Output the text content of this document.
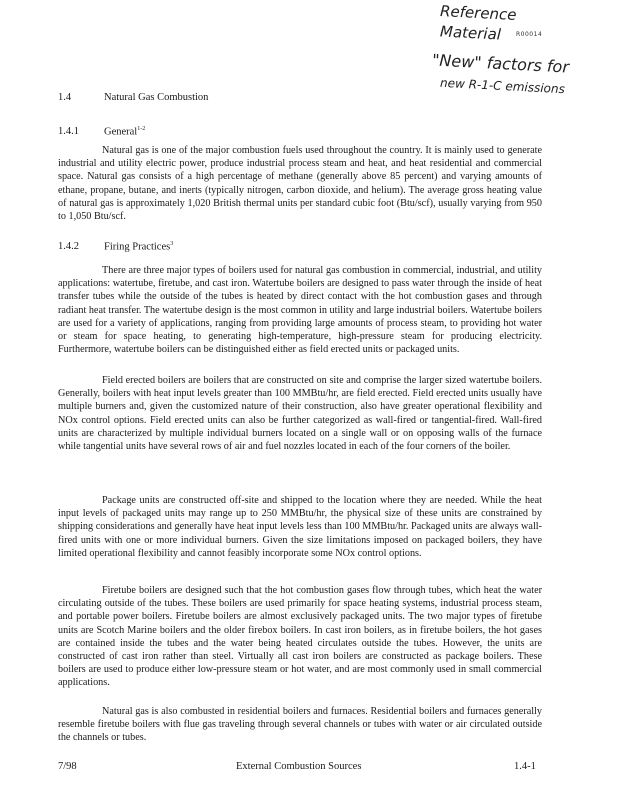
Reference
Material R00014
"New" factors for
new R-1-C emissions
1.4	Natural Gas Combustion
1.4.1 General$^{1-2}$
Natural gas is one of the major combustion fuels used throughout the country. It is mainly used to generate industrial and utility electric power, produce industrial process steam and heat, and heat residential and commercial space. Natural gas consists of a high percentage of methane (generally above 85 percent) and varying amounts of ethane, propane, butane, and inerts (typically nitrogen, carbon dioxide, and helium). The average gross heating value of natural gas is approximately 1,020 British thermal units per standard cubic foot (Btu/scf), usually varying from 950 to 1,050 Btu/scf.
1.4.2 Firing Practices$^3$
There are three major types of boilers used for natural gas combustion in commercial, industrial, and utility applications: watertube, firetube, and cast iron. Watertube boilers are designed to pass water through the inside of heat transfer tubes while the outside of the tubes is heated by direct contact with the hot combustion gases and through radiant heat transfer. The watertube design is the most common in utility and large industrial boilers. Watertube boilers are used for a variety of applications, ranging from providing large amounts of process steam, to providing hot water or steam for space heating, to generating high-temperature, high-pressure steam for producing electricity. Furthermore, watertube boilers can be distinguished either as field erected units or packaged units.
Field erected boilers are boilers that are constructed on site and comprise the larger sized watertube boilers. Generally, boilers with heat input levels greater than 100 MMBtu/hr, are field erected. Field erected units usually have multiple burners and, given the customized nature of their construction, also have greater operational flexibility and NOx control options. Field erected units can also be further categorized as wall-fired or tangential-fired. Wall-fired units are characterized by multiple individual burners located on a single wall or on opposing walls of the furnace while tangential units have several rows of air and fuel nozzles located in each of the four corners of the boiler.
Package units are constructed off-site and shipped to the location where they are needed. While the heat input levels of packaged units may range up to 250 MMBtu/hr, the physical size of these units are constrained by shipping considerations and generally have heat input levels less than 100 MMBtu/hr. Packaged units are always wall-fired units with one or more individual burners. Given the size limitations imposed on packaged boilers, they have limited operational flexibility and cannot feasibly incorporate some NOx control options.
Firetube boilers are designed such that the hot combustion gases flow through tubes, which heat the water circulating outside of the tubes. These boilers are used primarily for space heating systems, industrial process steam, and portable power boilers. Firetube boilers are almost exclusively packaged units. The two major types of firetube units are Scotch Marine boilers and the older firebox boilers. In cast iron boilers, as in firetube boilers, the hot gases are contained inside the tubes and the water being heated circulates outside the tubes. However, the units are constructed of cast iron rather than steel. Virtually all cast iron boilers are constructed as package boilers. These boilers are used to produce either low-pressure steam or hot water, and are most commonly used in small commercial applications.
Natural gas is also combusted in residential boilers and furnaces. Residential boilers and furnaces generally resemble firetube boilers with flue gas traveling through several channels or tubes with water or air circulated outside the channels or tubes.
7/98	External Combustion Sources	1.4-1
